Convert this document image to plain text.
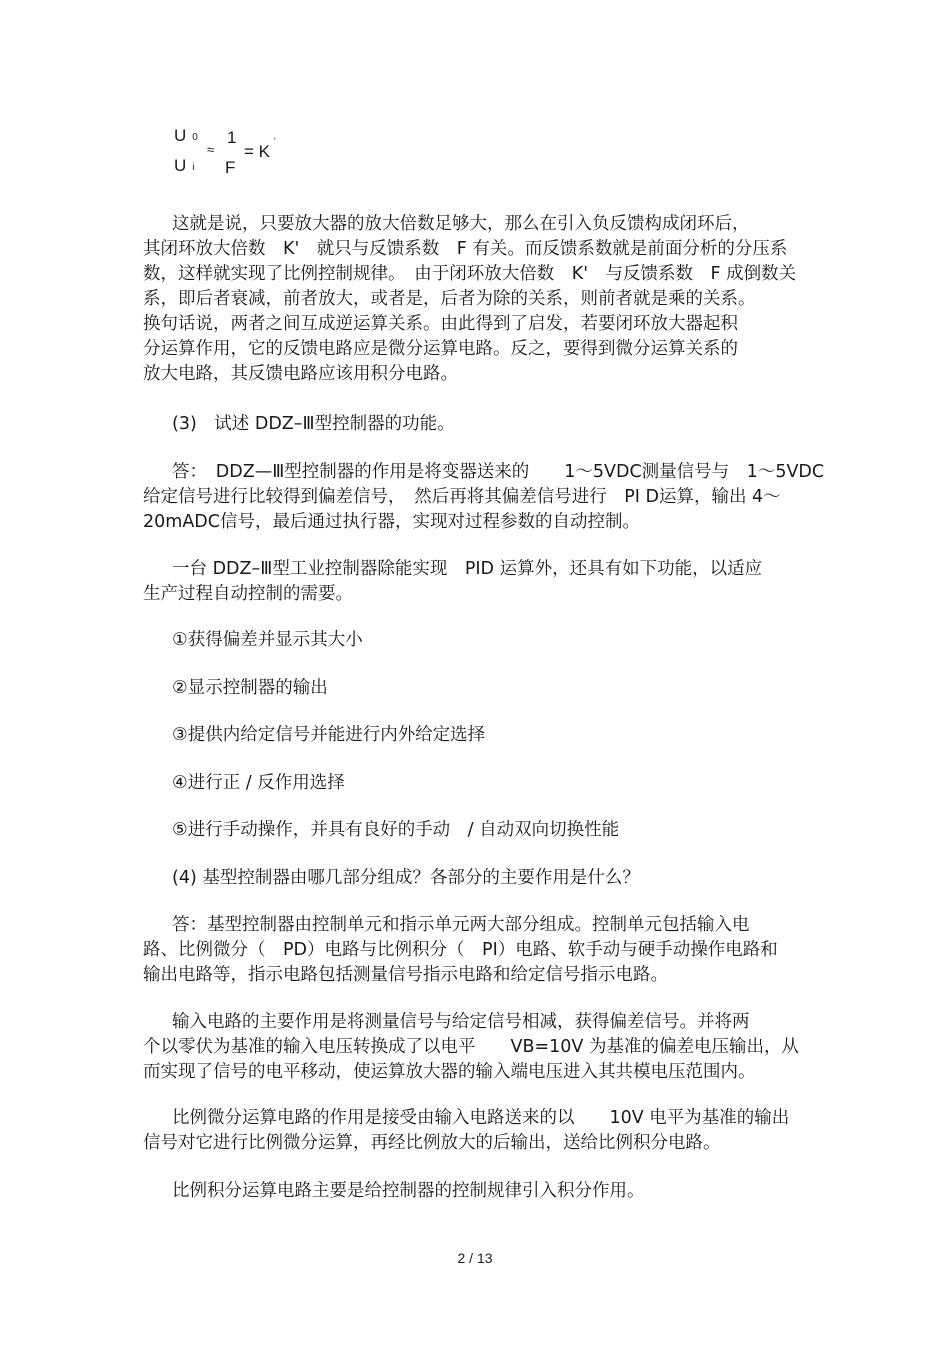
U 0
Ui
≈
1
F
= K
'
这就是说，只要放大器的放大倍数足够大，那么在引入负反馈构成闭环后，
其闭环放大倍数　K'　就只与反馈系数　F 有关。而反馈系数就是前面分析的分压系
数，这样就实现了比例控制规律。　由于闭环放大倍数　K'　与反馈系数　F 成倒数关
系，即后者衰减，前者放大，或者是，后者为除的关系，则前者就是乘的关系。
换句话说，两者之间互成逆运算关系。由此得到了启发，若要闭环放大器起积
分运算作用，它的反馈电路应是微分运算电路。反之，要得到微分运算关系的
放大电路，其反馈电路应该用积分电路。
(3)　试述 DDZ–Ⅲ型控制器的功能。
答：　DDZ—Ⅲ型控制器的作用是将变器送来的　　1～5VDC测量信号与　1～5VDC
给定信号进行比较得到偏差信号，　然后再将其偏差信号进行　PI D运算，输出 4～
20mADC信号，最后通过执行器，实现对过程参数的自动控制。
一台 DDZ–Ⅲ型工业控制器除能实现　PID 运算外，还具有如下功能，以适应
生产过程自动控制的需要。
①获得偏差并显示其大小
②显示控制器的输出
③提供内给定信号并能进行内外给定选择
④进行正 / 反作用选择
⑤进行手动操作，并具有良好的手动　/ 自动双向切换性能
(4) 基型控制器由哪几部分组成？各部分的主要作用是什么？
答：基型控制器由控制单元和指示单元两大部分组成。控制单元包括输入电
路、比例微分（　PD）电路与比例积分（　PI）电路、软手动与硬手动操作电路和
输出电路等，指示电路包括测量信号指示电路和给定信号指示电路。
输入电路的主要作用是将测量信号与给定信号相减，获得偏差信号。并将两
个以零伏为基准的输入电压转换成了以电平　　VB=10V 为基准的偏差电压输出，从
而实现了信号的电平移动，使运算放大器的输入端电压进入其共模电压范围内。
比例微分运算电路的作用是接受由输入电路送来的以　　10V 电平为基准的输出
信号对它进行比例微分运算，再经比例放大的后输出，送给比例积分电路。
比例积分运算电路主要是给控制器的控制规律引入积分作用。
2 / 13
